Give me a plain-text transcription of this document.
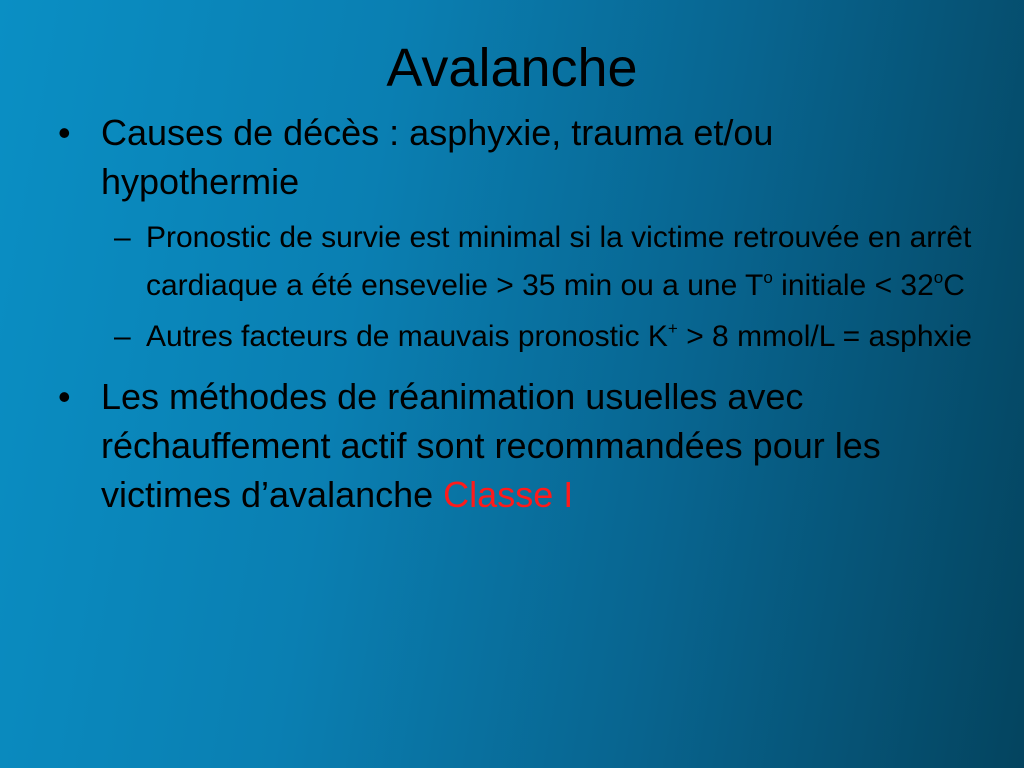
Avalanche
• Causes de décès : asphyxie, trauma et/ou hypothermie
– Pronostic de survie est minimal si la victime retrouvée en arrêt cardiaque a été ensevelie > 35 min ou a une $T^o$ initiale < $32^oC$
– Autres facteurs de mauvais pronostic K+ > 8 mmol/L = asphxie
• Les méthodes de réanimation usuelles avec réchauffement actif sont recommandées pour les victimes d’avalanche Classe I
